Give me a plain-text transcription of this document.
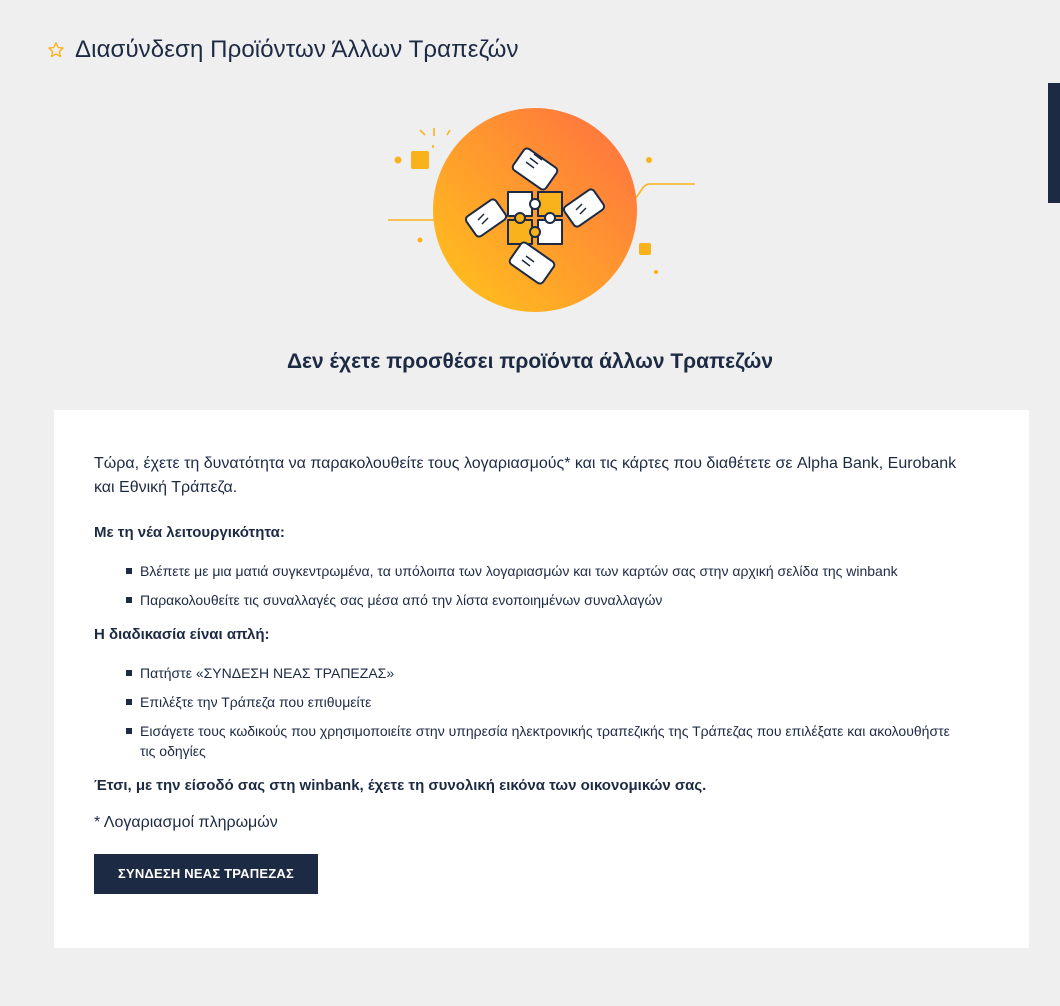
Διασύνδεση Προϊόντων Άλλων Τραπεζών
Δεν έχετε προσθέσει προϊόντα άλλων Τραπεζών

Τώρα, έχετε τη δυνατότητα να παρακολουθείτε τους λογαριασμούς* και τις κάρτες που διαθέτετε σε Alpha Bank, Eurobank και Εθνική Τράπεζα.

Με τη νέα λειτουργικότητα:

Βλέπετε με μια ματιά συγκεντρωμένα, τα υπόλοιπα των λογαριασμών και των καρτών σας στην αρχική σελίδα της winbank
Παρακολουθείτε τις συναλλαγές σας μέσα από την λίστα ενοποιημένων συναλλαγών

Η διαδικασία είναι απλή:

Πατήστε «ΣΥΝΔΕΣΗ ΝΕΑΣ ΤΡΑΠΕΖΑΣ»
Επιλέξτε την Τράπεζα που επιθυμείτε
Εισάγετε τους κωδικούς που χρησιμοποιείτε στην υπηρεσία ηλεκτρονικής τραπεζικής της Τράπεζας που επιλέξατε και ακολουθήστε τις οδηγίες

Έτσι, με την είσοδό σας στη winbank, έχετε τη συνολική εικόνα των οικονομικών σας.

* Λογαριασμοί πληρωμών

ΣΥΝΔΕΣΗ ΝΕΑΣ ΤΡΑΠΕΖΑΣ
